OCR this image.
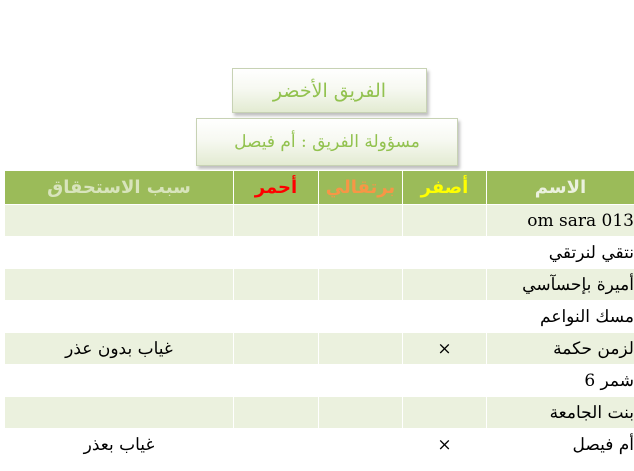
الفريق الأخضر
مسؤولة الفريق : أم فيصل
الاسم	أصفر	برتقالي	أحمر	سبب الاستحقاق
om sara 013				
نتقي لنرتقي				
أميرة بإحسآسي				
مسك النواعم				
لزمن حكمة	×			غياب بدون عذر
شمر 6				
بنت الجامعة				
أم فيصل	×			غياب بعذر
